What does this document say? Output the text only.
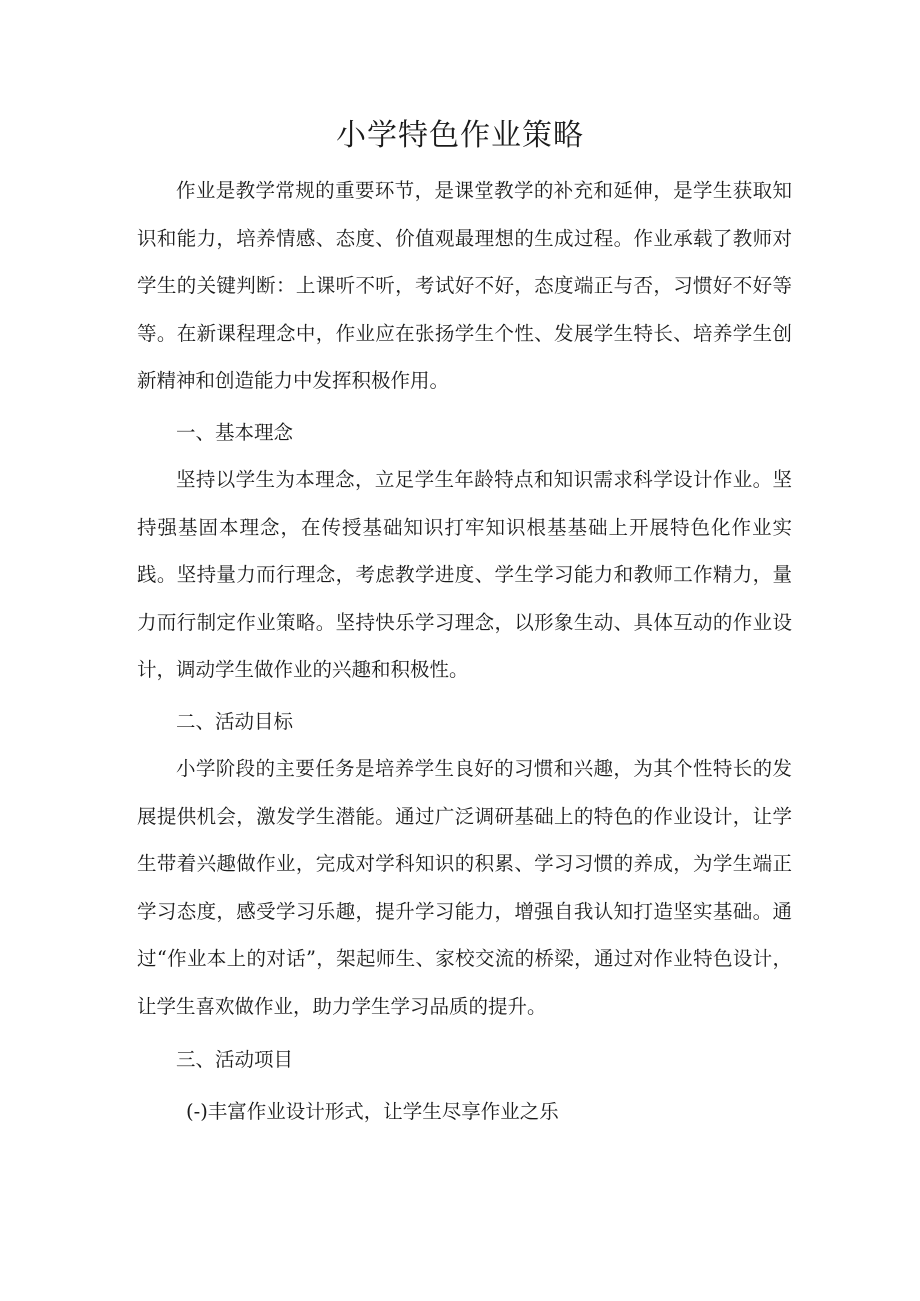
小学特色作业策略

作业是教学常规的重要环节，是课堂教学的补充和延伸，是学生获取知识和能力，培养情感、态度、价值观最理想的生成过程。作业承载了教师对学生的关键判断：上课听不听，考试好不好，态度端正与否，习惯好不好等等。在新课程理念中，作业应在张扬学生个性、发展学生特长、培养学生创新精神和创造能力中发挥积极作用。

一、基本理念

坚持以学生为本理念，立足学生年龄特点和知识需求科学设计作业。坚持强基固本理念，在传授基础知识打牢知识根基基础上开展特色化作业实践。坚持量力而行理念，考虑教学进度、学生学习能力和教师工作精力，量力而行制定作业策略。坚持快乐学习理念，以形象生动、具体互动的作业设计，调动学生做作业的兴趣和积极性。

二、活动目标

小学阶段的主要任务是培养学生良好的习惯和兴趣，为其个性特长的发展提供机会，激发学生潜能。通过广泛调研基础上的特色的作业设计，让学生带着兴趣做作业，完成对学科知识的积累、学习习惯的养成，为学生端正学习态度，感受学习乐趣，提升学习能力，增强自我认知打造坚实基础。通过“作业本上的对话”，架起师生、家校交流的桥梁，通过对作业特色设计，让学生喜欢做作业，助力学生学习品质的提升。

三、活动项目

(-)丰富作业设计形式，让学生尽享作业之乐
